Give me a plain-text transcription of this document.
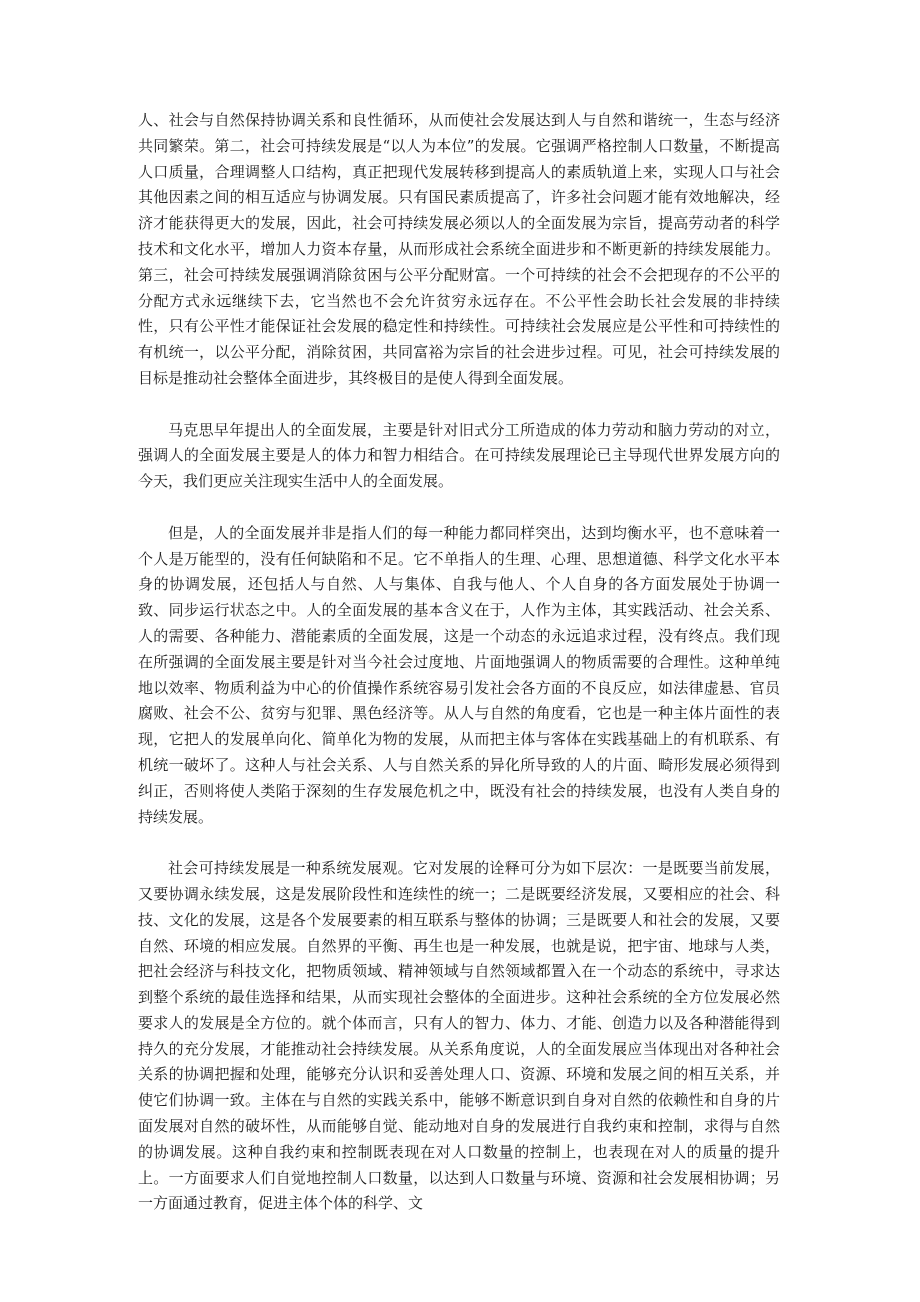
人、社会与自然保持协调关系和良性循环，从而使社会发展达到人与自然和谐统一，生态与经济共同繁荣。第二，社会可持续发展是“以人为本位”的发展。它强调严格控制人口数量，不断提高人口质量，合理调整人口结构，真正把现代发展转移到提高人的素质轨道上来，实现人口与社会其他因素之间的相互适应与协调发展。只有国民素质提高了，许多社会问题才能有效地解决，经济才能获得更大的发展，因此，社会可持续发展必须以人的全面发展为宗旨，提高劳动者的科学技术和文化水平，增加人力资本存量，从而形成社会系统全面进步和不断更新的持续发展能力。第三，社会可持续发展强调消除贫困与公平分配财富。一个可持续的社会不会把现存的不公平的分配方式永远继续下去，它当然也不会允许贫穷永远存在。不公平性会助长社会发展的非持续性，只有公平性才能保证社会发展的稳定性和持续性。可持续社会发展应是公平性和可持续性的有机统一，以公平分配，消除贫困，共同富裕为宗旨的社会进步过程。可见，社会可持续发展的目标是推动社会整体全面进步，其终极目的是使人得到全面发展。

马克思早年提出人的全面发展，主要是针对旧式分工所造成的体力劳动和脑力劳动的对立，强调人的全面发展主要是人的体力和智力相结合。在可持续发展理论已主导现代世界发展方向的今天，我们更应关注现实生活中人的全面发展。

但是，人的全面发展并非是指人们的每一种能力都同样突出，达到均衡水平，也不意味着一个人是万能型的，没有任何缺陷和不足。它不单指人的生理、心理、思想道德、科学文化水平本身的协调发展，还包括人与自然、人与集体、自我与他人、个人自身的各方面发展处于协调一致、同步运行状态之中。人的全面发展的基本含义在于，人作为主体，其实践活动、社会关系、人的需要、各种能力、潜能素质的全面发展，这是一个动态的永远追求过程，没有终点。我们现在所强调的全面发展主要是针对当今社会过度地、片面地强调人的物质需要的合理性。这种单纯地以效率、物质利益为中心的价值操作系统容易引发社会各方面的不良反应，如法律虚悬、官员腐败、社会不公、贫穷与犯罪、黑色经济等。从人与自然的角度看，它也是一种主体片面性的表现，它把人的发展单向化、简单化为物的发展，从而把主体与客体在实践基础上的有机联系、有机统一破坏了。这种人与社会关系、人与自然关系的异化所导致的人的片面、畸形发展必须得到纠正，否则将使人类陷于深刻的生存发展危机之中，既没有社会的持续发展，也没有人类自身的持续发展。

社会可持续发展是一种系统发展观。它对发展的诠释可分为如下层次：一是既要当前发展，又要协调永续发展，这是发展阶段性和连续性的统一；二是既要经济发展，又要相应的社会、科技、文化的发展，这是各个发展要素的相互联系与整体的协调；三是既要人和社会的发展，又要自然、环境的相应发展。自然界的平衡、再生也是一种发展，也就是说，把宇宙、地球与人类，把社会经济与科技文化，把物质领域、精神领域与自然领域都置入在一个动态的系统中，寻求达到整个系统的最佳选择和结果，从而实现社会整体的全面进步。这种社会系统的全方位发展必然要求人的发展是全方位的。就个体而言，只有人的智力、体力、才能、创造力以及各种潜能得到持久的充分发展，才能推动社会持续发展。从关系角度说，人的全面发展应当体现出对各种社会关系的协调把握和处理，能够充分认识和妥善处理人口、资源、环境和发展之间的相互关系，并使它们协调一致。主体在与自然的实践关系中，能够不断意识到自身对自然的依赖性和自身的片面发展对自然的破坏性，从而能够自觉、能动地对自身的发展进行自我约束和控制，求得与自然的协调发展。这种自我约束和控制既表现在对人口数量的控制上，也表现在对人的质量的提升上。一方面要求人们自觉地控制人口数量，以达到人口数量与环境、资源和社会发展相协调；另一方面通过教育，促进主体个体的科学、文
